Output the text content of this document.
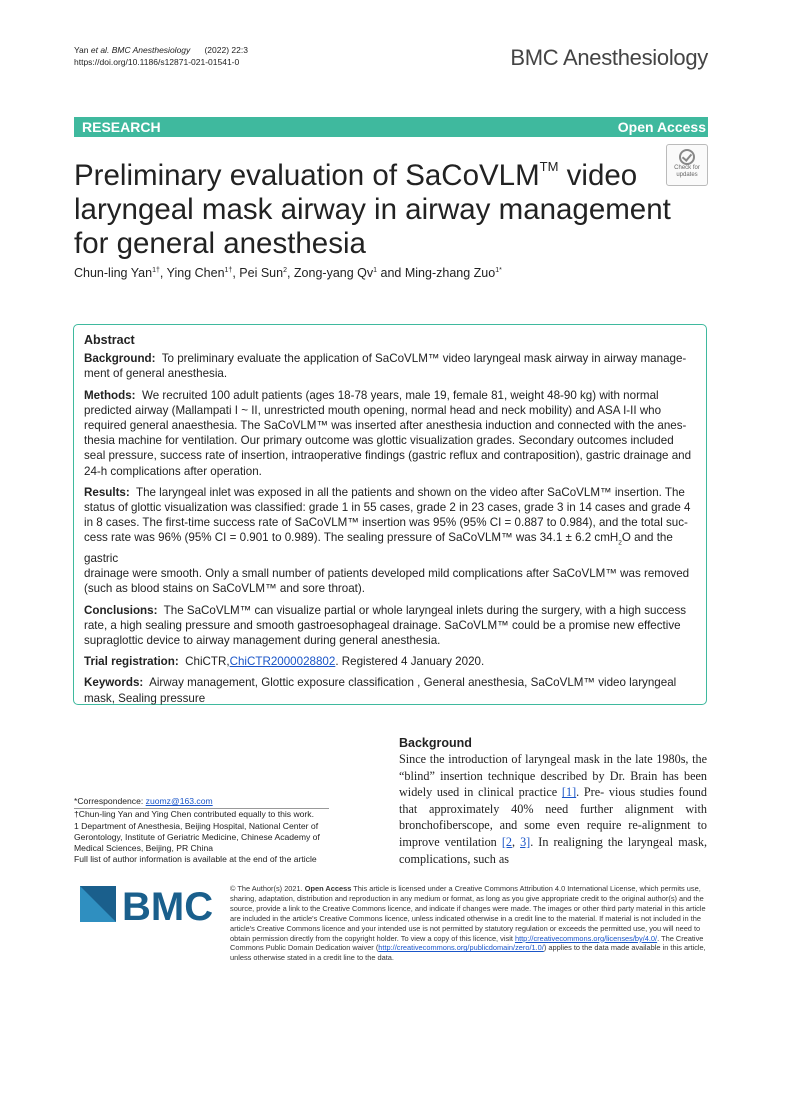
Yan et al. BMC Anesthesiology (2022) 22:3
https://doi.org/10.1186/s12871-021-01541-0	BMC Anesthesiology
RESEARCH	Open Access
Preliminary evaluation of SaCoVLM™ video laryngeal mask airway in airway management for general anesthesia
Check for
updates
Chun-ling Yan$^{1\dagger}$, Ying Chen$^{1\dagger}$, Pei Sun$^2$, Zong-yang Qv$^1$ and Ming-zhang Zuo$^{1*}$
Abstract

Background: To preliminary evaluate the application of SaCoVLM™ video laryngeal mask airway in airway manage- ment of general anesthesia.

Methods: We recruited 100 adult patients (ages 18-78 years, male 19, female 81, weight 48-90 kg) with normal predicted airway (Mallampati I ~ II, unrestricted mouth opening, normal head and neck mobility) and ASA I-II who required general anaesthesia. The SaCoVLM™ was inserted after anesthesia induction and connected with the anes- thesia machine for ventilation. Our primary outcome was glottic visualization grades. Secondary outcomes included seal pressure, success rate of insertion, intraoperative findings (gastric reflux and contraposition), gastric drainage and 24-h complications after operation.

Results: The laryngeal inlet was exposed in all the patients and shown on the video after SaCoVLM™ insertion. The status of glottic visualization was classified: grade 1 in 55 cases, grade 2 in 23 cases, grade 3 in 14 cases and grade 4 in 8 cases. The first-time success rate of SaCoVLM™ insertion was 95% (95% CI = 0.887 to 0.984), and the total suc- cess rate was 96% (95% CI = 0.901 to 0.989). The sealing pressure of SaCoVLM™ was 34.1 ± 6.2 cmH$_2$O and the gastric
drainage were smooth. Only a small number of patients developed mild complications after SaCoVLM™ was removed (such as blood stains on SaCoVLM™ and sore throat).

Conclusions: The SaCoVLM™ can visualize partial or whole laryngeal inlets during the surgery, with a high success rate, a high sealing pressure and smooth gastroesophageal drainage. SaCoVLM™ could be a promise new effective supraglottic device to airway management during general anesthesia.

Trial registration: ChiCTR,ChiCTR2000028802. Registered 4 January 2020.

Keywords: Airway management, Glottic exposure classification , General anesthesia, SaCoVLM™ video laryngeal mask, Sealing pressure

Background
Since the introduction of laryngeal mask in the late 1980s, the “blind” insertion technique described by Dr. Brain has been widely used in clinical practice [1]. Pre- vious studies found that approximately 40% need further alignment with bronchofiberscope, and some even require re-alignment to improve ventilation [2, 3]. In realigning the laryngeal mask, complications, such as
*Correspondence: zuomz@163.com
†Chun-ling Yan and Ying Chen contributed equally to this work.
1 Department of Anesthesia, Beijing Hospital, National Center of Gerontology, Institute of Geriatric Medicine, Chinese Academy of Medical Sciences, Beijing, PR China
Full list of author information is available at the end of the article
BMC © The Author(s) 2021. Open Access This article is licensed under a Creative Commons Attribution 4.0 International License, which permits use, sharing, adaptation, distribution and reproduction in any medium or format, as long as you give appropriate credit to the original author(s) and the source, provide a link to the Creative Commons licence, and indicate if changes were made. The images or other third party material in this article are included in the article's Creative Commons licence, unless indicated otherwise in a credit line to the material. If material is not included in the article's Creative Commons licence and your intended use is not permitted by statutory regulation or exceeds the permitted use, you will need to obtain permission directly from the copyright holder. To view a copy of this licence, visit http://creativecommons.org/licenses/by/4.0/. The Creative Commons Public Domain Dedication waiver (http://creativecommons.org/publicdomain/zero/1.0/) applies to the data made available in this article, unless otherwise stated in a credit line to the data.
